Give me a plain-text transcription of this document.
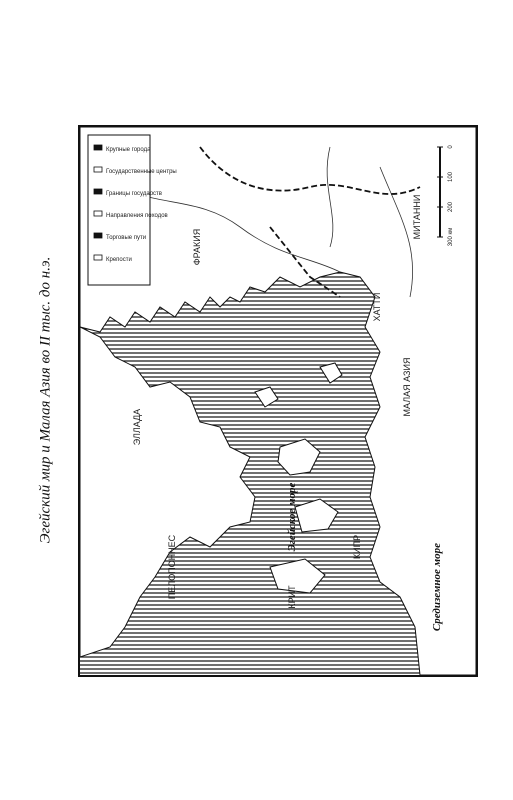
Эгейский мир и Малая Азия во II тыс. до н.э.	ЭЛЛАДА
ПЕЛОПОННЕС	КРИТ
МАЛАЯ АЗИЯ
ФРАКИЯ
МИТАННИ
ХАТТИ
КИПР
Эгейское море
Средиземное море
Крупные города
Государственные центры
Границы государств
Направления походов
Торговые пути
Крепости
0
100
200
300 км
